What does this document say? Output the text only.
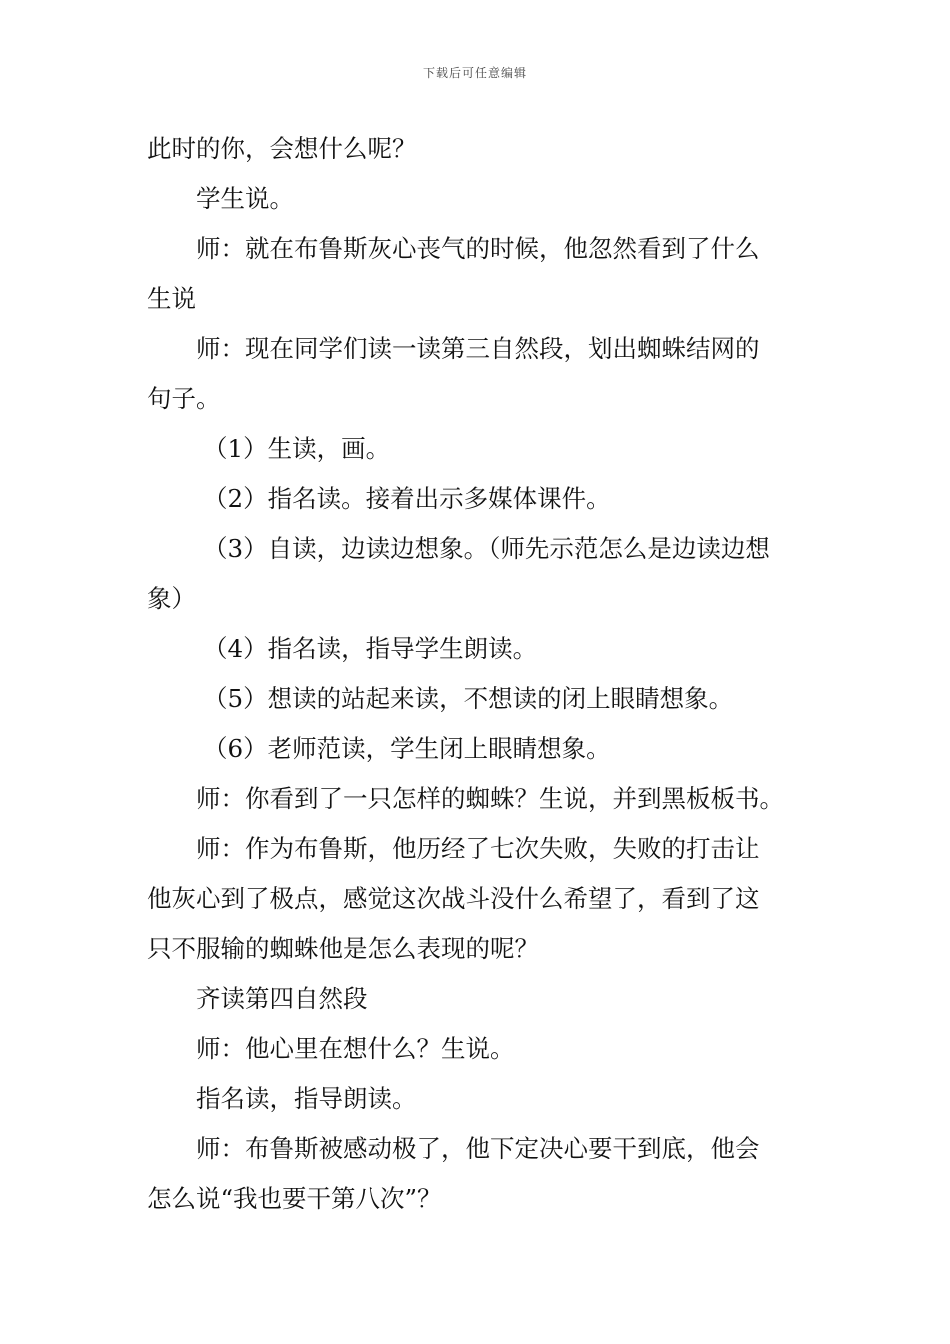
下载后可任意编辑

此时的你，会想什么呢？

学生说。

师：就在布鲁斯灰心丧气的时候，他忽然看到了什么

生说

师：现在同学们读一读第三自然段，划出蜘蛛结网的

句子。

（1）生读，画。

（2）指名读。接着出示多媒体课件。

（3）自读，边读边想象。（师先示范怎么是边读边想

象）

（4）指名读，指导学生朗读。

（5）想读的站起来读，不想读的闭上眼睛想象。

（6）老师范读，学生闭上眼睛想象。

师：你看到了一只怎样的蜘蛛？生说，并到黑板板书。

师：作为布鲁斯，他历经了七次失败，失败的打击让

他灰心到了极点，感觉这次战斗没什么希望了，看到了这

只不服输的蜘蛛他是怎么表现的呢？

齐读第四自然段

师：他心里在想什么？生说。

指名读，指导朗读。

师：布鲁斯被感动极了，他下定决心要干到底，他会

怎么说“我也要干第八次”？
